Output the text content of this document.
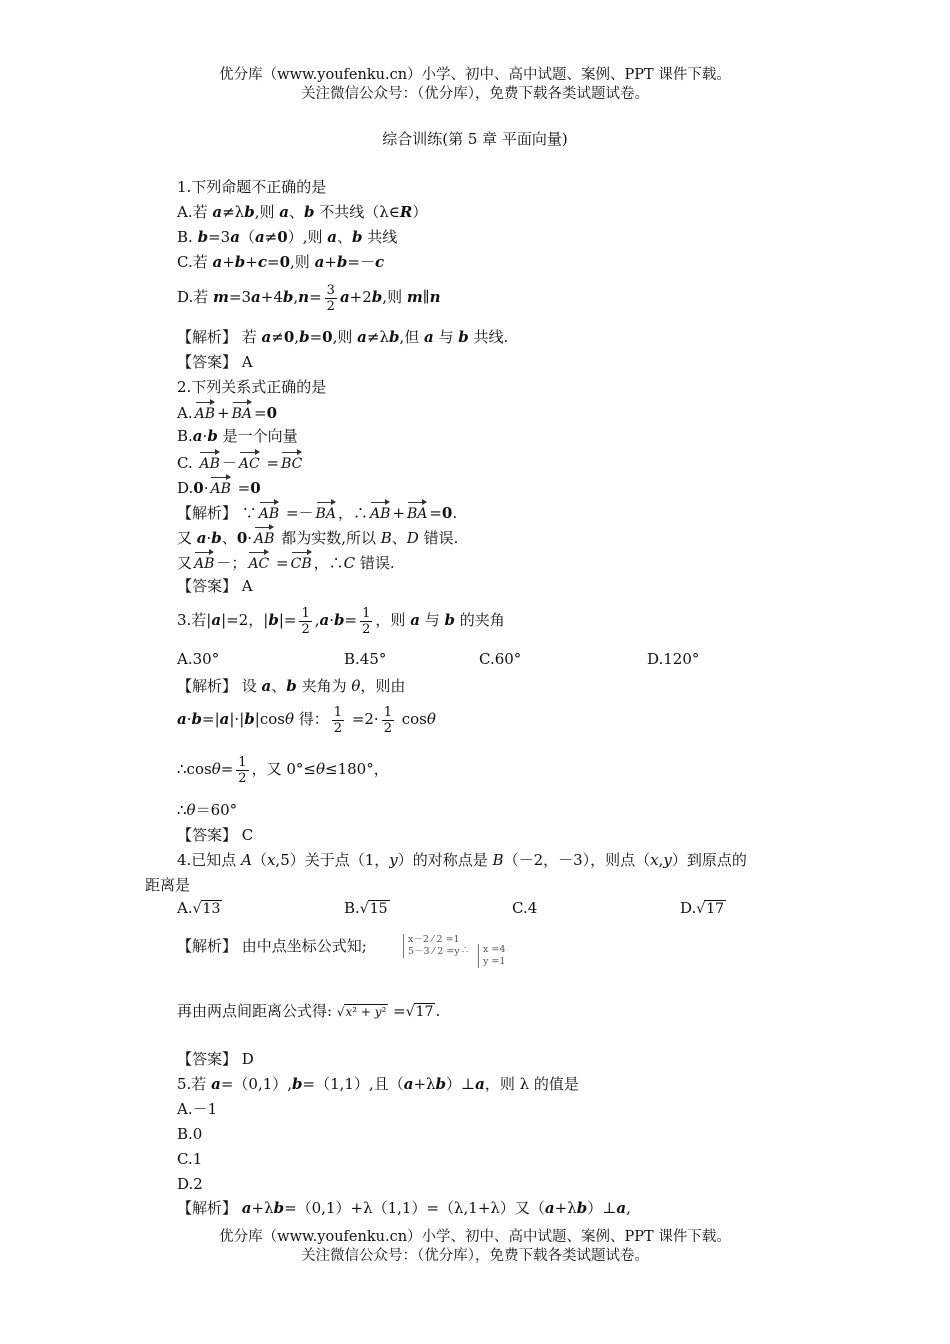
优分库（www.youfenku.cn）小学、初中、高中试题、案例、PPT 课件下载。
关注微信公众号：（优分库），免费下载各类试题试卷。
综合训练(第 5 章 平面向量)
1.下列命题不正确的是
A.若 a≠λb,则 a、b 不共线（λ∈R）
B. b=3a（a≠0）,则 a、b 共线
C.若 a+b+c=0,则 a+b=－c
D.若 $m=3a+4b,n= \frac{3}{2} a+2b$,则 m∥n
【解析】 若 a≠0,b=0,则 a≠λb,但 a 与 b 共线.
【答案】 A
2.下列关系式正确的是
A. AB + BA =0
B.a·b 是一个向量
C. AB － AC = BC
D.0· AB =0
【解析】 ∵ AB =－ BA ，∴ AB + BA =0.
又 a·b、0· AB 都为实数,所以 B、D 错误.
又 AB －； AC = CB ，∴C 错误.
【答案】 A
3.若|a|=2，$|b|= \frac{1}{2} ,a\cdot b= \frac{1}{2}$ ，则 a 与 b 的夹角
A.30°	B.45°	C.60°	D.120°
【解析】 设 a、b 夹角为 θ，则由
a·b=|a|·|b|cosθ 得： $\frac{1}{2} =2\cdot \frac{1}{2}$ cosθ
∴cosθ= $\frac{1}{2}$ ，又 0°≤θ≤180°，
∴θ＝60°
【答案】 C
4.已知点 A（x,5）关于点（1，y）的对称点是 B（－2，－3），则点（x,y）到原点的
距离是
A.√13	B.√15	C.4	D.√17
【解析】 由中点坐标公式知;	x－2 ⁄ 2 =1
5－3 ⁄ 2 =y ∴ x =4
y =1
再由两点间距离公式得: √x² + y² =√17 .
【答案】 D
5.若 a=（0,1）,b=（1,1）,且（a+λb）⊥a，则 λ 的值是
A.－1
B.0
C.1
D.2
【解析】 a+λb=（0,1）+λ（1,1）=（λ,1+λ）又（a+λb）⊥a,
优分库（www.youfenku.cn）小学、初中、高中试题、案例、PPT 课件下载。
关注微信公众号：（优分库），免费下载各类试题试卷。
